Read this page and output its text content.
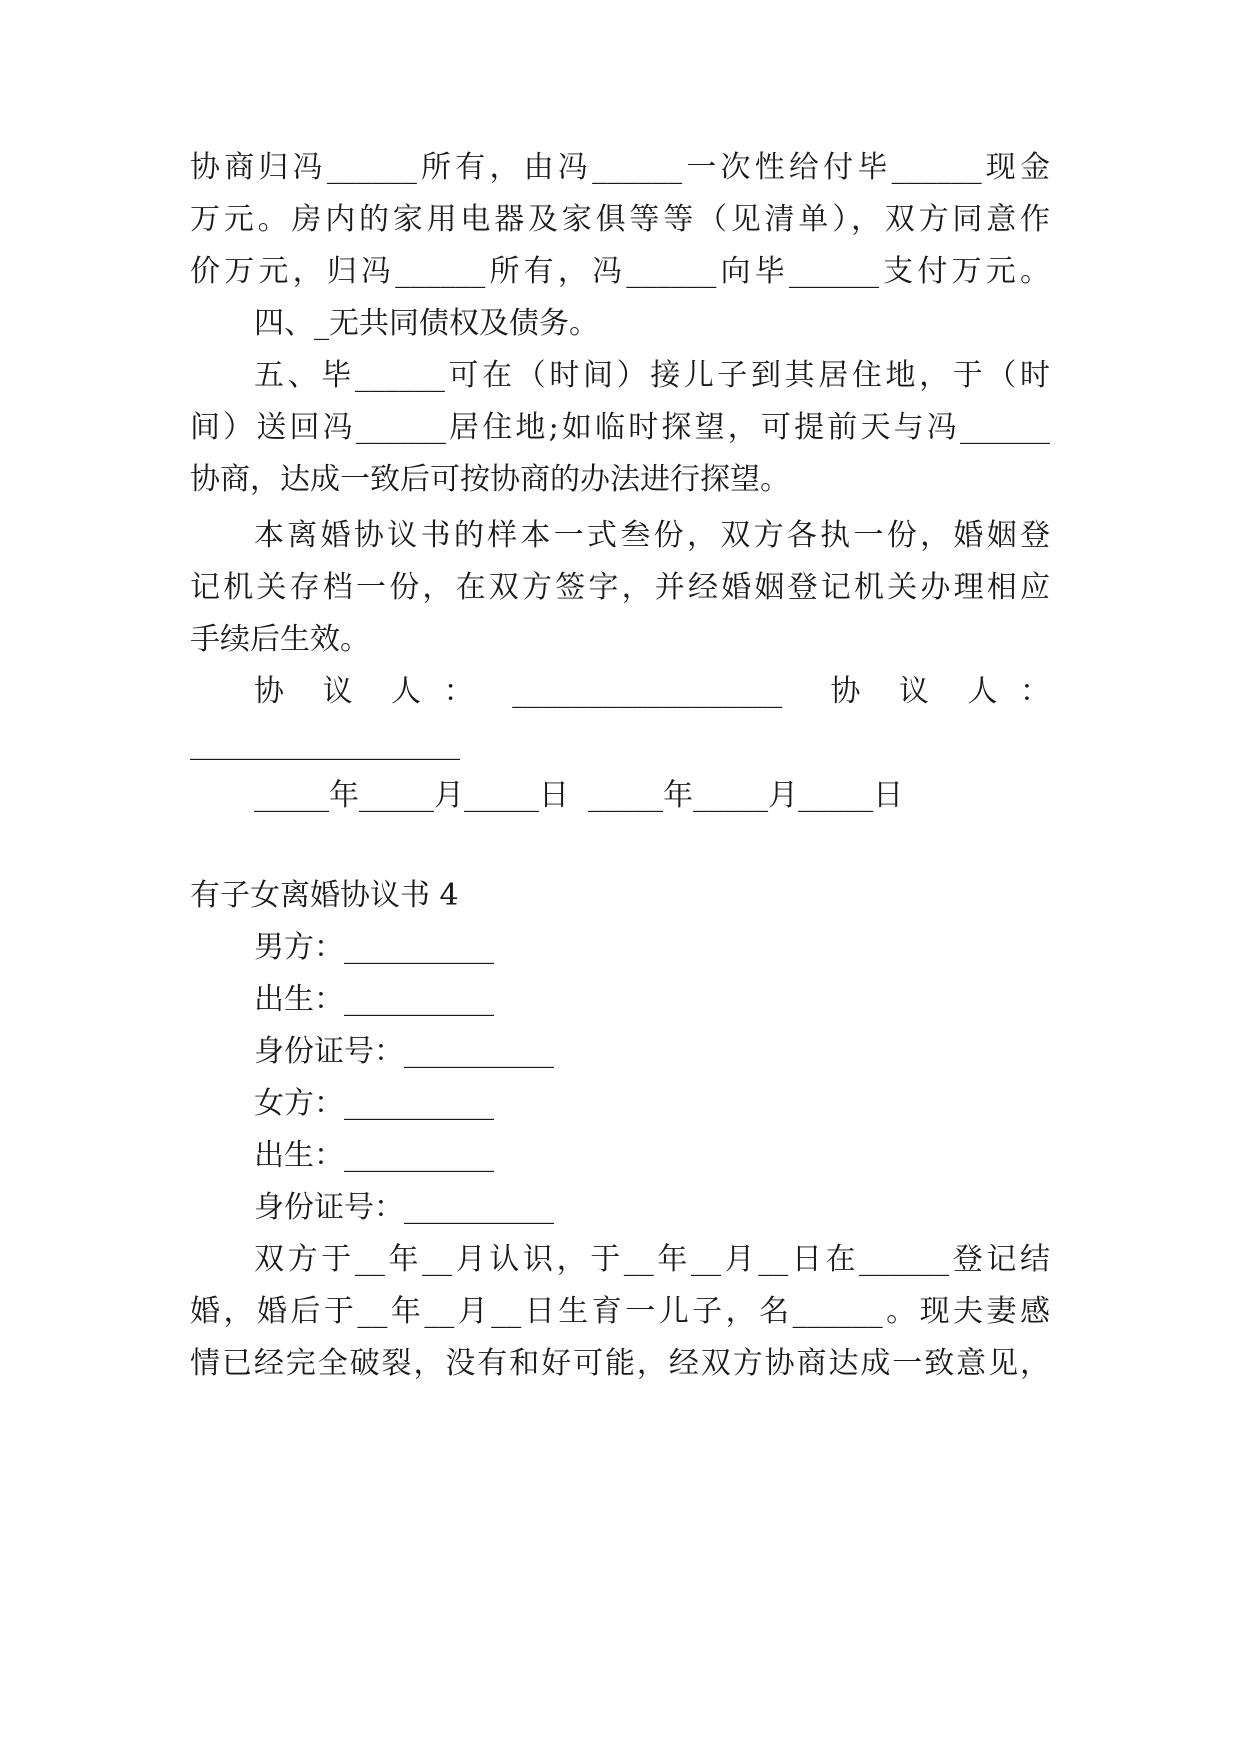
协商归冯______所有，由冯______一次性给付毕______现金
万元。房内的家用电器及家俱等等（见清单），双方同意作
价万元，归冯______所有，冯______向毕______支付万元。
四、_无共同债权及债务。
五、毕______可在（时间）接儿子到其居住地，于（时
间）送回冯______居住地;如临时探望，可提前天与冯______
协商，达成一致后可按协商的办法进行探望。
本离婚协议书的样本一式叁份，双方各执一份，婚姻登
记机关存档一份，在双方签字，并经婚姻登记机关办理相应
手续后生效。
协  议  人 ：  __________________   协  议  人 ：
__________________
_____年_____月_____日  _____年_____月_____日
有子女离婚协议书 4
男方：__________
出生：__________
身份证号：__________
女方：__________
出生：__________
身份证号：__________
双方于__年__月认识，于__年__月__日在______登记结
婚，婚后于__年__月__日生育一儿子，名______。现夫妻感
情已经完全破裂，没有和好可能，经双方协商达成一致意见，
